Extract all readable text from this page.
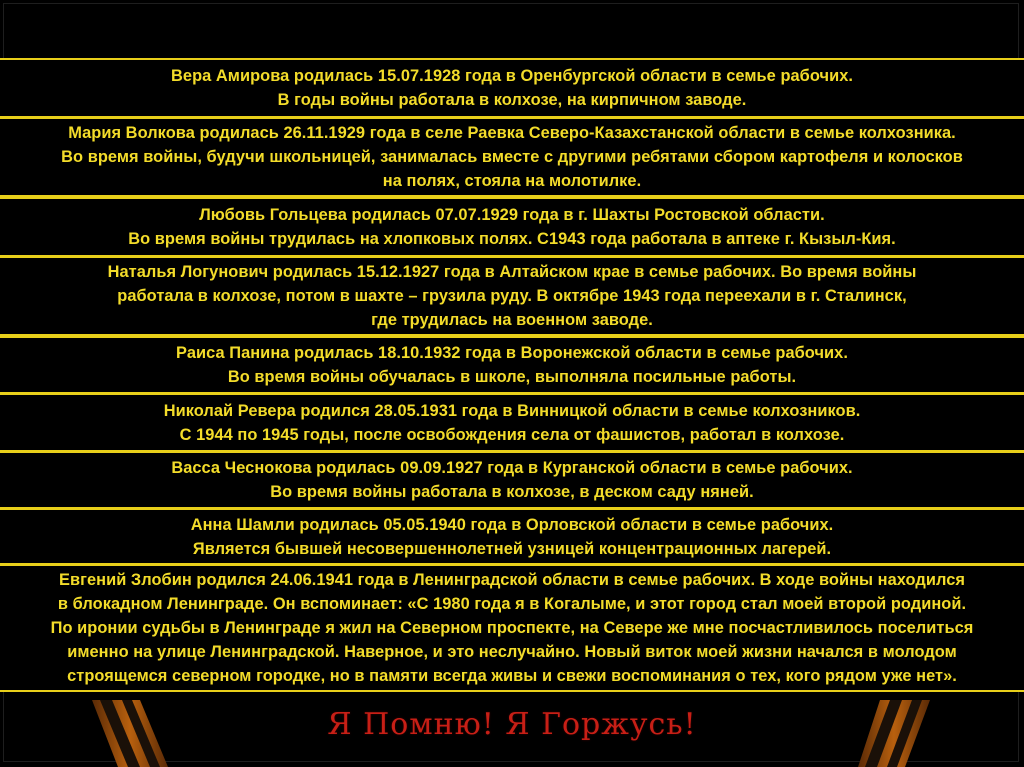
Вера Амирова родилась 15.07.1928 года в Оренбургской области в семье рабочих.
В годы войны работала в колхозе, на кирпичном заводе.
Мария Волкова родилась 26.11.1929 года в селе Раевка Северо-Казахстанской области в семье колхозника.
Во время войны, будучи школьницей, занималась вместе с другими ребятами сбором картофеля и колосков
на полях, стояла на молотилке.
Любовь Гольцева родилась 07.07.1929 года в г. Шахты Ростовской области.
Во время войны трудилась на хлопковых полях. С1943 года работала в аптеке г. Кызыл-Кия.
Наталья Логунович родилась 15.12.1927 года в Алтайском крае в семье рабочих. Во время войны
работала в колхозе, потом в шахте – грузила руду. В октябре 1943 года переехали в г. Сталинск,
где трудилась на военном заводе.
Раиса Панина родилась 18.10.1932 года в Воронежской области в семье рабочих.
Во время войны обучалась в школе, выполняла посильные работы.
Николай Ревера родился 28.05.1931 года в Винницкой области в семье колхозников.
С 1944 по 1945 годы, после освобождения села от фашистов, работал в колхозе.
Васса Чеснокова родилась 09.09.1927 года в Курганской области в семье рабочих.
Во время войны работала в колхозе, в деском саду няней.
Анна Шамли родилась 05.05.1940 года в Орловской области в семье рабочих.
Является бывшей несовершеннолетней узницей концентрационных лагерей.
Евгений Злобин родился 24.06.1941 года в Ленинградской области в семье рабочих. В ходе войны находился
в блокадном Ленинграде. Он вспоминает: «С 1980 года я в Когалыме, и этот город стал моей второй родиной.
По иронии судьбы в Ленинграде я жил на Северном проспекте, на Севере же мне посчастливилось поселиться
именно на улице Ленинградской. Наверное, и это неслучайно. Новый виток моей жизни начался в молодом
строящемся северном городке, но в памяти всегда живы и свежи воспоминания о тех, кого рядом уже нет».
Я Помню! Я Горжусь!
